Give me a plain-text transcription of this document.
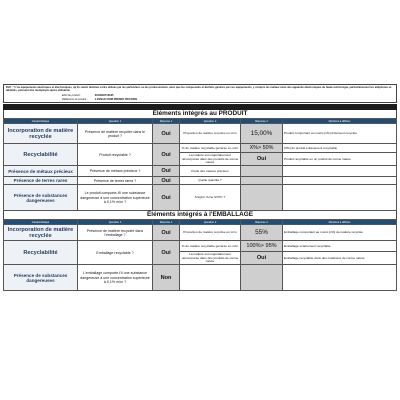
DLP : "L'us équipements électriques et électroniques, qu'ils soient destinés à être utilisés par les particuliers ou les professionnels, ainsi que les composants et déchets générés par ces équipements, y compris les métaux rares des appareils électroniques de haute technologie, particulièrement les téléphones et tablettes, puissent être réemployés après utilisation
EAN du produit :	3610893713185
Référence du produit :	1.0SNAG 500M PREMIO FRICODIS
Éléments intégrés au PRODUIT
Caractéristique	Question 1	Réponse 1	Question 2	Réponse 2	Mentions à afficher
Incorporation de matière recyclée	Présence de matière recyclée dans le produit ?	Oui	Proportion de matière recyclée en m/m	15,00%	Produit comportant au moins [x%] d'élément recyclée
Recyclabilité	Produit recyclable ?	Oui	% de matière recyclable générée en m/m	X%> 50%	[X%] du produit entièrement recyclable
			La matière est majoritairement réincorporée dans des produits de même nature	Oui	Produit recyclable en un produit de même nature
Présence de métaux précieux	Présence de métaux précieux ?	Oui	Poids des métaux précieux		
Présence de terres rares	Présence de terres rares ?	Oui	Quelle quantité ?		
Présence de substances dangereuses	Le produit comporte-t'il une substance dangereuse à une concentration supérieure à 0,1% m/m ?	Oui	S'agit-il d'une SVHC ?		
Éléments intégrés à l'EMBALLAGE
Caractéristique	Question 1	Réponse 1	Question 2	Réponse 2	Mentions à afficher
Incorporation de matière recyclée	Présence de matière recyclée dans l'emballage ?	Oui	Proportion de matière recyclée en m/m	55%	Emballage comportant au moins [x%] de matière recyclée
Recyclabilité	Emballage recyclable ?	Oui	% de matière recyclable générée en m/m	100%> 95%	Emballage entièrement recyclable
			La matière est majoritairement réincorporée dans des produits de même nature	Oui	Emballage recyclable dans des matériaux de même nature
Présence de substances dangereuses	L'emballage comporte-t'il une substance dangereuse à une concentration supérieure à 0,1% m/m ?	Non			
